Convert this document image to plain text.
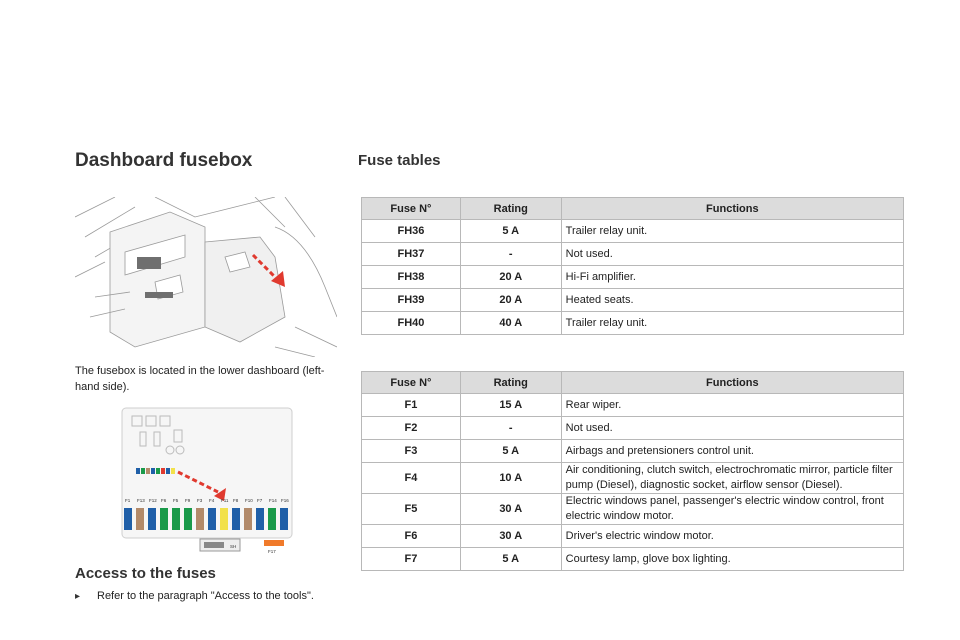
Dashboard fusebox	Fuse tables
The fusebox is located in the lower dashboard (left-hand side).
F1 F13 F12 F6 F5 F9 F3 F4 F11 F8 F10 F7 F14 F16
SH
F17
Access to the fuses
▸	Refer to the paragraph "Access to the tools".
Fuse N°	Rating	Functions
FH36	5 A	Trailer relay unit.
FH37	-	Not used.
FH38	20 A	Hi-Fi amplifier.
FH39	20 A	Heated seats.
FH40	40 A	Trailer relay unit.
Fuse N°	Rating	Functions
F1	15 A	Rear wiper.
F2	-	Not used.
F3	5 A	Airbags and pretensioners control unit.
F4	10 A	Air conditioning, clutch switch, electrochromatic mirror, particle filter pump (Diesel), diagnostic socket, airflow sensor (Diesel).
F5	30 A	Electric windows panel, passenger's electric window control, front electric window motor.
F6	30 A	Driver's electric window motor.
F7	5 A	Courtesy lamp, glove box lighting.
